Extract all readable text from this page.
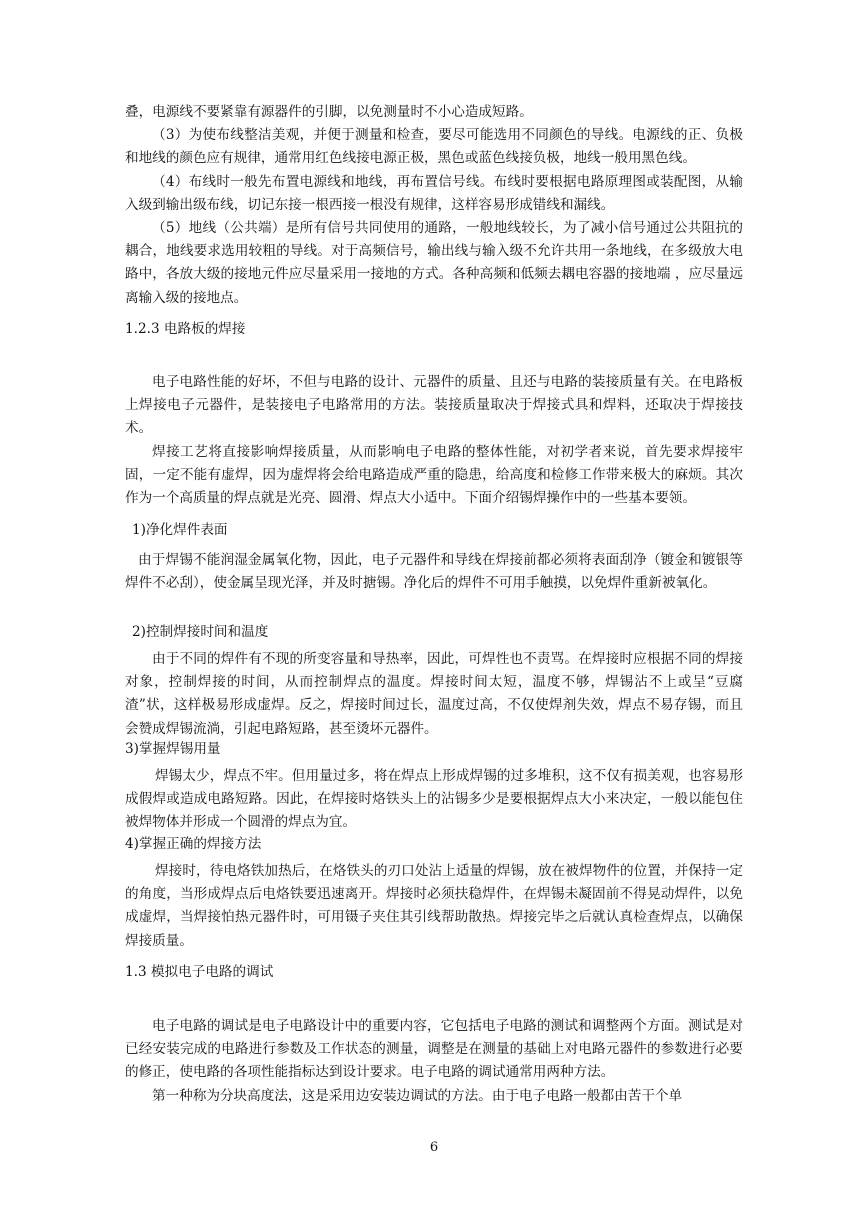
叠，电源线不要紧靠有源器件的引脚，以免测量时不小心造成短路。

（3）为使布线整洁美观，并便于测量和检查，要尽可能选用不同颜色的导线。电源线的正、负极和地线的颜色应有规律，通常用红色线接电源正极，黑色或蓝色线接负极，地线一般用黑色线。

（4）布线时一般先布置电源线和地线，再布置信号线。布线时要根据电路原理图或装配图，从输入级到输出级布线，切记东接一根西接一根没有规律，这样容易形成错线和漏线。

（5）地线（公共端）是所有信号共同使用的通路，一般地线较长，为了减小信号通过公共阻抗的耦合，地线要求选用较粗的导线。对于高频信号，输出线与输入级不允许共用一条地线，在多级放大电路中，各放大级的接地元件应尽量采用一接地的方式。各种高频和低频去耦电容器的接地端 ，应尽量远离输入级的接地点。

1.2.3 电路板的焊接

电子电路性能的好坏，不但与电路的设计、元器件的质量、且还与电路的装接质量有关。在电路板上焊接电子元器件，是装接电子电路常用的方法。装接质量取决于焊接式具和焊料，还取决于焊接技术。

焊接工艺将直接影响焊接质量，从而影响电子电路的整体性能，对初学者来说，首先要求焊接牢固，一定不能有虚焊，因为虚焊将会给电路造成严重的隐患，给高度和检修工作带来极大的麻烦。其次作为一个高质量的焊点就是光亮、圆滑、焊点大小适中。下面介绍锡焊操作中的一些基本要领。

1)净化焊件表面

由于焊锡不能润湿金属氧化物，因此，电子元器件和导线在焊接前都必须将表面刮净（镀金和镀银等焊件不必刮），使金属呈现光泽，并及时搪锡。净化后的焊件不可用手触摸，以免焊件重新被氧化。

2)控制焊接时间和温度

由于不同的焊件有不现的所变容量和导热率，因此，可焊性也不责骂。在焊接时应根据不同的焊接对象，控制焊接的时间，从而控制焊点的温度。焊接时间太短，温度不够，焊锡沾不上或呈“豆腐渣”状，这样极易形成虚焊。反之，焊接时间过长，温度过高，不仅使焊剂失效，焊点不易存锡，而且会赞成焊锡流淌，引起电路短路，甚至烫坏元器件。

3)掌握焊锡用量

焊锡太少，焊点不牢。但用量过多，将在焊点上形成焊锡的过多堆积，这不仅有损美观，也容易形成假焊或造成电路短路。因此，在焊接时烙铁头上的沾锡多少是要根据焊点大小来决定，一般以能包住被焊物体并形成一个圆滑的焊点为宜。

4)掌握正确的焊接方法

焊接时，待电烙铁加热后，在烙铁头的刃口处沾上适量的焊锡，放在被焊物件的位置，并保持一定的角度，当形成焊点后电烙铁要迅速离开。焊接时必须扶稳焊件，在焊锡未凝固前不得晃动焊件，以免成虚焊，当焊接怕热元器件时，可用镊子夹住其引线帮助散热。焊接完毕之后就认真检查焊点，以确保焊接质量。

1.3 模拟电子电路的调试

电子电路的调试是电子电路设计中的重要内容，它包括电子电路的测试和调整两个方面。测试是对已经安装完成的电路进行参数及工作状态的测量，调整是在测量的基础上对电路元器件的参数进行必要的修正，使电路的各项性能指标达到设计要求。电子电路的调试通常用两种方法。

第一种称为分块高度法，这是采用边安装边调试的方法。由于电子电路一般都由苦干个单

6
